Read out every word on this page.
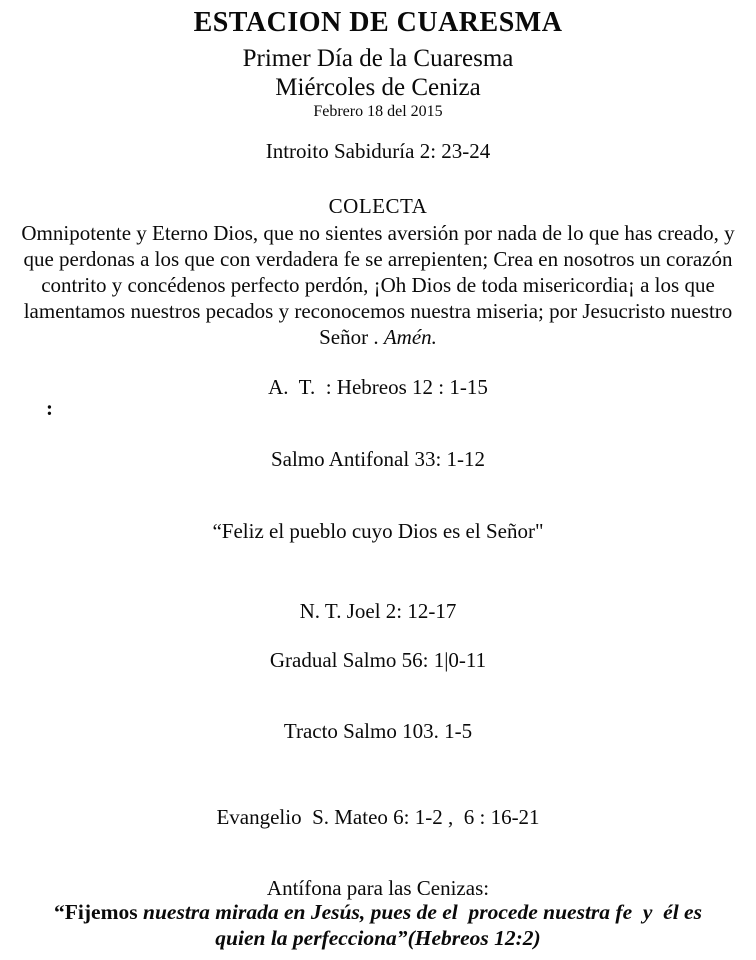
ESTACION DE CUARESMA
Primer Día de la Cuaresma
Miércoles de Ceniza
Febrero 18 del 2015
Introito Sabiduría 2: 23-24
COLECTA
Omnipotente y Eterno Dios, que no sientes aversión por nada de lo que has creado, y que perdonas a los que con verdadera fe se arrepienten; Crea en nosotros un corazón contrito y concédenos perfecto perdón, ¡Oh Dios de toda misericordia¡ a los que lamentamos nuestros pecados y reconocemos nuestra miseria; por Jesucristo nuestro Señor . Amén.
A.  T.  : Hebreos 12 : 1-15
:
Salmo Antifonal 33: 1-12
“Feliz el pueblo cuyo Dios es el Señor"
N. T. Joel 2: 12-17
Gradual Salmo 56: 1|0-11
Tracto Salmo 103. 1-5
Evangelio  S. Mateo 6: 1-2 ,  6 : 16-21
Antífona para las Cenizas:
“Fijemos nuestra mirada en Jesús, pues de el  procede nuestra fe  y  él es quien la perfecciona”(Hebreos 12:2)
